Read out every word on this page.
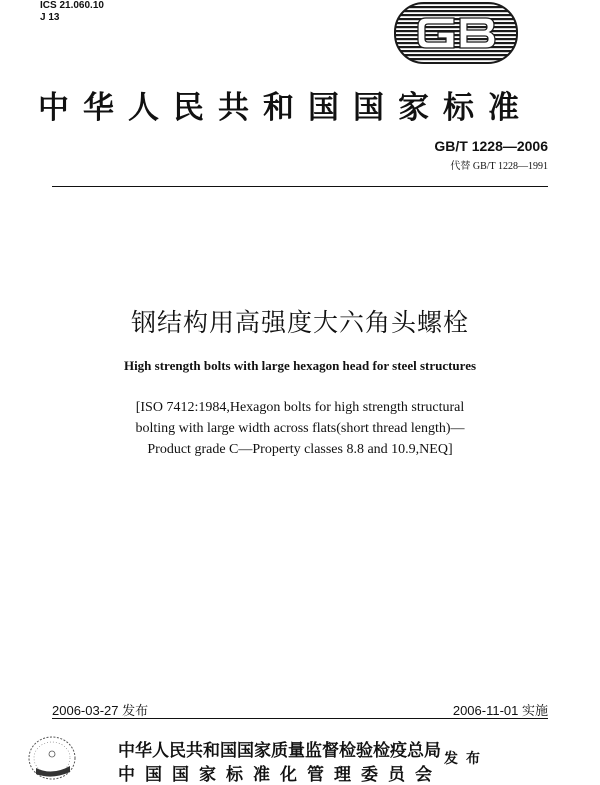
ICS 21.060.10
J 13
中华人民共和国国家标准
GB/T 1228—2006
代替 GB/T 1228—1991
钢结构用高强度大六角头螺栓
High strength bolts with large hexagon head for steel structures
[ISO 7412:1984,Hexagon bolts for high strength structural
bolting with large width across flats(short thread length)—
Product grade C—Property classes 8.8 and 10.9,NEQ]
2006-03-27 发布	2006-11-01 实施
中华人民共和国国家质量监督检验检疫总局
中国国家标准化管理委员会
发布
